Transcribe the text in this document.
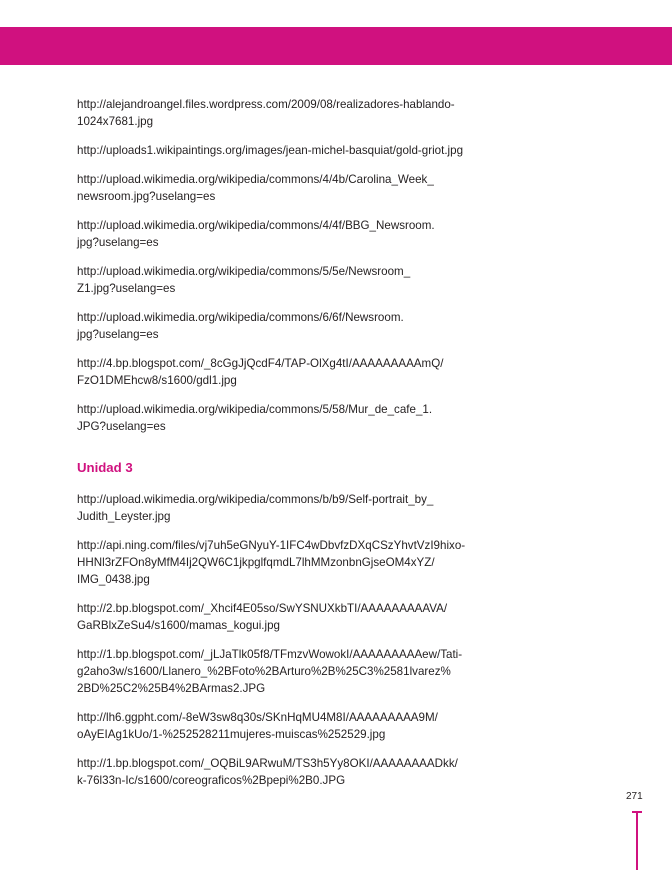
http://alejandroangel.files.wordpress.com/2009/08/realizadores-hablando-
1024x7681.jpg

http://uploads1.wikipaintings.org/images/jean-michel-basquiat/gold-griot.jpg

http://upload.wikimedia.org/wikipedia/commons/4/4b/Carolina_Week_
newsroom.jpg?uselang=es

http://upload.wikimedia.org/wikipedia/commons/4/4f/BBG_Newsroom.
jpg?uselang=es

http://upload.wikimedia.org/wikipedia/commons/5/5e/Newsroom_
Z1.jpg?uselang=es

http://upload.wikimedia.org/wikipedia/commons/6/6f/Newsroom.
jpg?uselang=es

http://4.bp.blogspot.com/_8cGgJjQcdF4/TAP-OlXg4tI/AAAAAAAAAmQ/
FzO1DMEhcw8/s1600/gdl1.jpg

http://upload.wikimedia.org/wikipedia/commons/5/58/Mur_de_cafe_1.
JPG?uselang=es

Unidad 3

http://upload.wikimedia.org/wikipedia/commons/b/b9/Self-portrait_by_
Judith_Leyster.jpg

http://api.ning.com/files/vj7uh5eGNyuY-1IFC4wDbvfzDXqCSzYhvtVzI9hixo-
HHNl3rZFOn8yMfM4Ij2QW6C1jkpglfqmdL7lhMMzonbnGjseOM4xYZ/
IMG_0438.jpg

http://2.bp.blogspot.com/_Xhcif4E05so/SwYSNUXkbTI/AAAAAAAAAVA/
GaRBlxZeSu4/s1600/mamas_kogui.jpg

http://1.bp.blogspot.com/_jLJaTlk05f8/TFmzvWowokI/AAAAAAAAAew/Tati-
g2aho3w/s1600/Llanero_%2BFoto%2BArturo%2B%25C3%2581lvarez%
2BD%25C2%25B4%2BArmas2.JPG

http://lh6.ggpht.com/-8eW3sw8q30s/SKnHqMU4M8I/AAAAAAAAA9M/
oAyEIAg1kUo/1-%252528211mujeres-muiscas%252529.jpg

http://1.bp.blogspot.com/_OQBiL9ARwuM/TS3h5Yy8OKI/AAAAAAAADkk/
k-76l33n-Ic/s1600/coreograficos%2Bpepi%2B0.JPG

271
